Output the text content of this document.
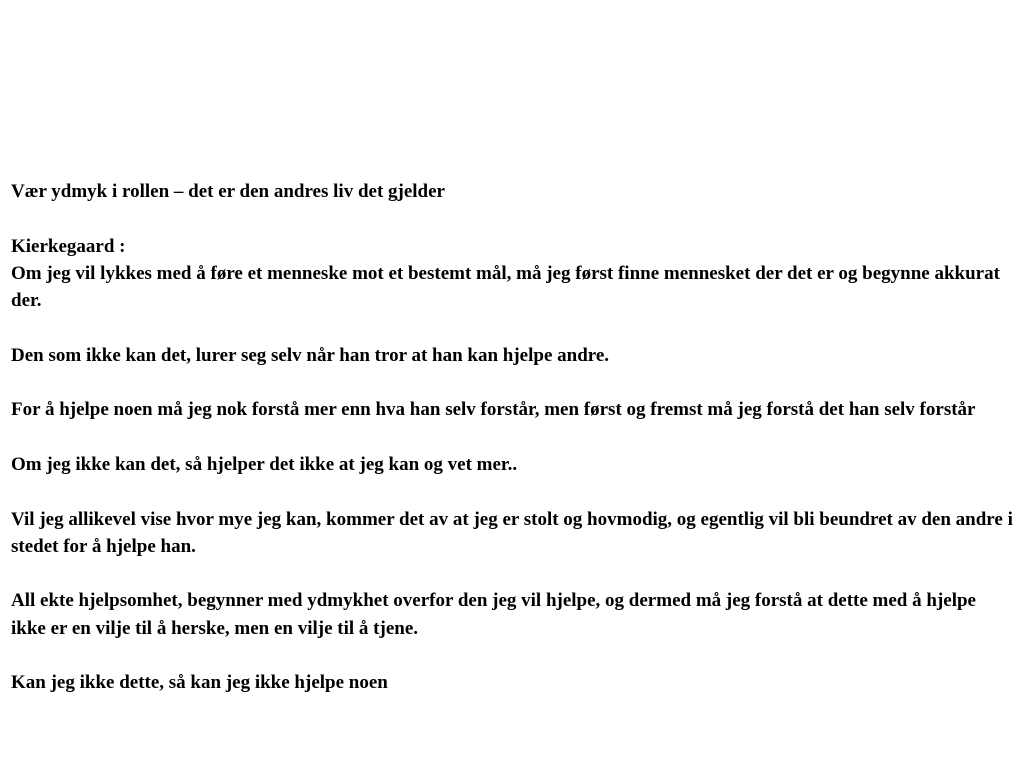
Vær ydmyk i rollen – det er den andres liv det gjelder

Kierkegaard :

Om jeg vil lykkes med å føre et menneske mot et bestemt mål, må jeg først finne mennesket der det er og begynne akkurat der.

Den som ikke kan det, lurer seg selv når han tror at han kan hjelpe andre.

For å hjelpe noen må jeg nok forstå mer enn hva han selv forstår, men først og fremst må jeg forstå det han selv forstår

Om jeg ikke kan det, så hjelper det ikke at jeg kan og vet mer..

Vil jeg allikevel vise hvor mye jeg kan, kommer det av at jeg er stolt og hovmodig, og egentlig vil bli beundret av den andre i stedet for å hjelpe han.

All ekte hjelpsomhet, begynner med ydmykhet overfor den jeg vil hjelpe, og dermed må jeg forstå at dette med å hjelpe ikke er en vilje til å herske, men en vilje til å tjene.

Kan jeg ikke dette, så kan jeg ikke hjelpe noen
